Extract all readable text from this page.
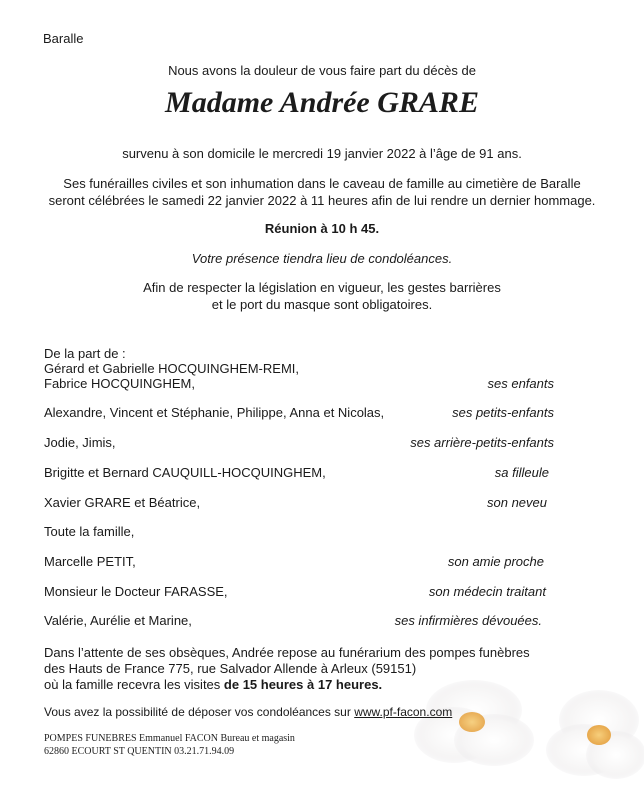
Baralle
Nous avons la douleur de vous faire part du décès de
Madame Andrée GRARE
survenu à son domicile le mercredi 19 janvier 2022 à l’âge de 91 ans.
Ses funérailles civiles et son inhumation dans le caveau de famille au cimetière de Baralle
seront célébrées le samedi 22 janvier 2022 à 11 heures afin de lui rendre un dernier hommage.
Réunion à 10 h 45.
Votre présence tiendra lieu de condoléances.
Afin de respecter la législation en vigueur, les gestes barrières
et le port du masque sont obligatoires.
De la part de :
Gérard et Gabrielle HOCQUINGHEM-REMI,
Fabrice HOCQUINGHEM,	ses enfants
Alexandre, Vincent et Stéphanie, Philippe, Anna et Nicolas,	ses petits-enfants
Jodie, Jimis,	ses arrière-petits-enfants
Brigitte et Bernard CAUQUILL-HOCQUINGHEM,	sa filleule
Xavier GRARE et Béatrice,	son neveu
Toute la famille,
Marcelle PETIT,	son amie proche
Monsieur le Docteur FARASSE,	son médecin traitant
Valérie, Aurélie et Marine,	ses infirmières dévouées.
Dans l’attente de ses obsèques, Andrée repose au funérarium des pompes funèbres
des Hauts de France 775, rue Salvador Allende à Arleux (59151)
où la famille recevra les visites de 15 heures à 17 heures.
Vous avez la possibilité de déposer vos condoléances sur www.pf-facon.com
POMPES FUNEBRES Emmanuel FACON Bureau et magasin
62860 ECOURT ST QUENTIN 03.21.71.94.09
